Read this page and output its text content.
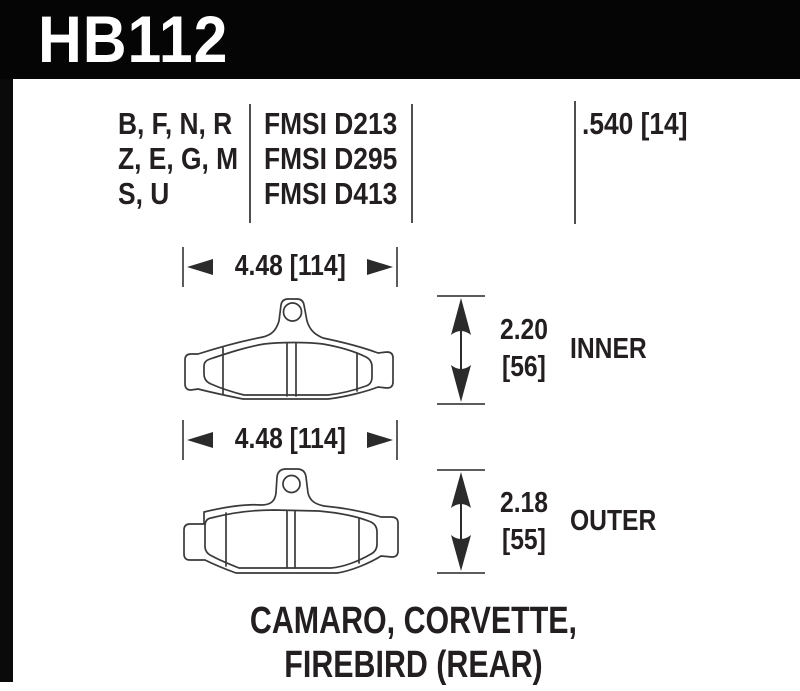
HB112
B, F, N, R
Z, E, G, M
S, U
FMSI D213
FMSI D295
FMSI D413
.540 [14]
4.48 [114]
2.20
[56]
INNER
4.48 [114]
2.18
[55]
OUTER
CAMARO, CORVETTE,
FIREBIRD (REAR)
